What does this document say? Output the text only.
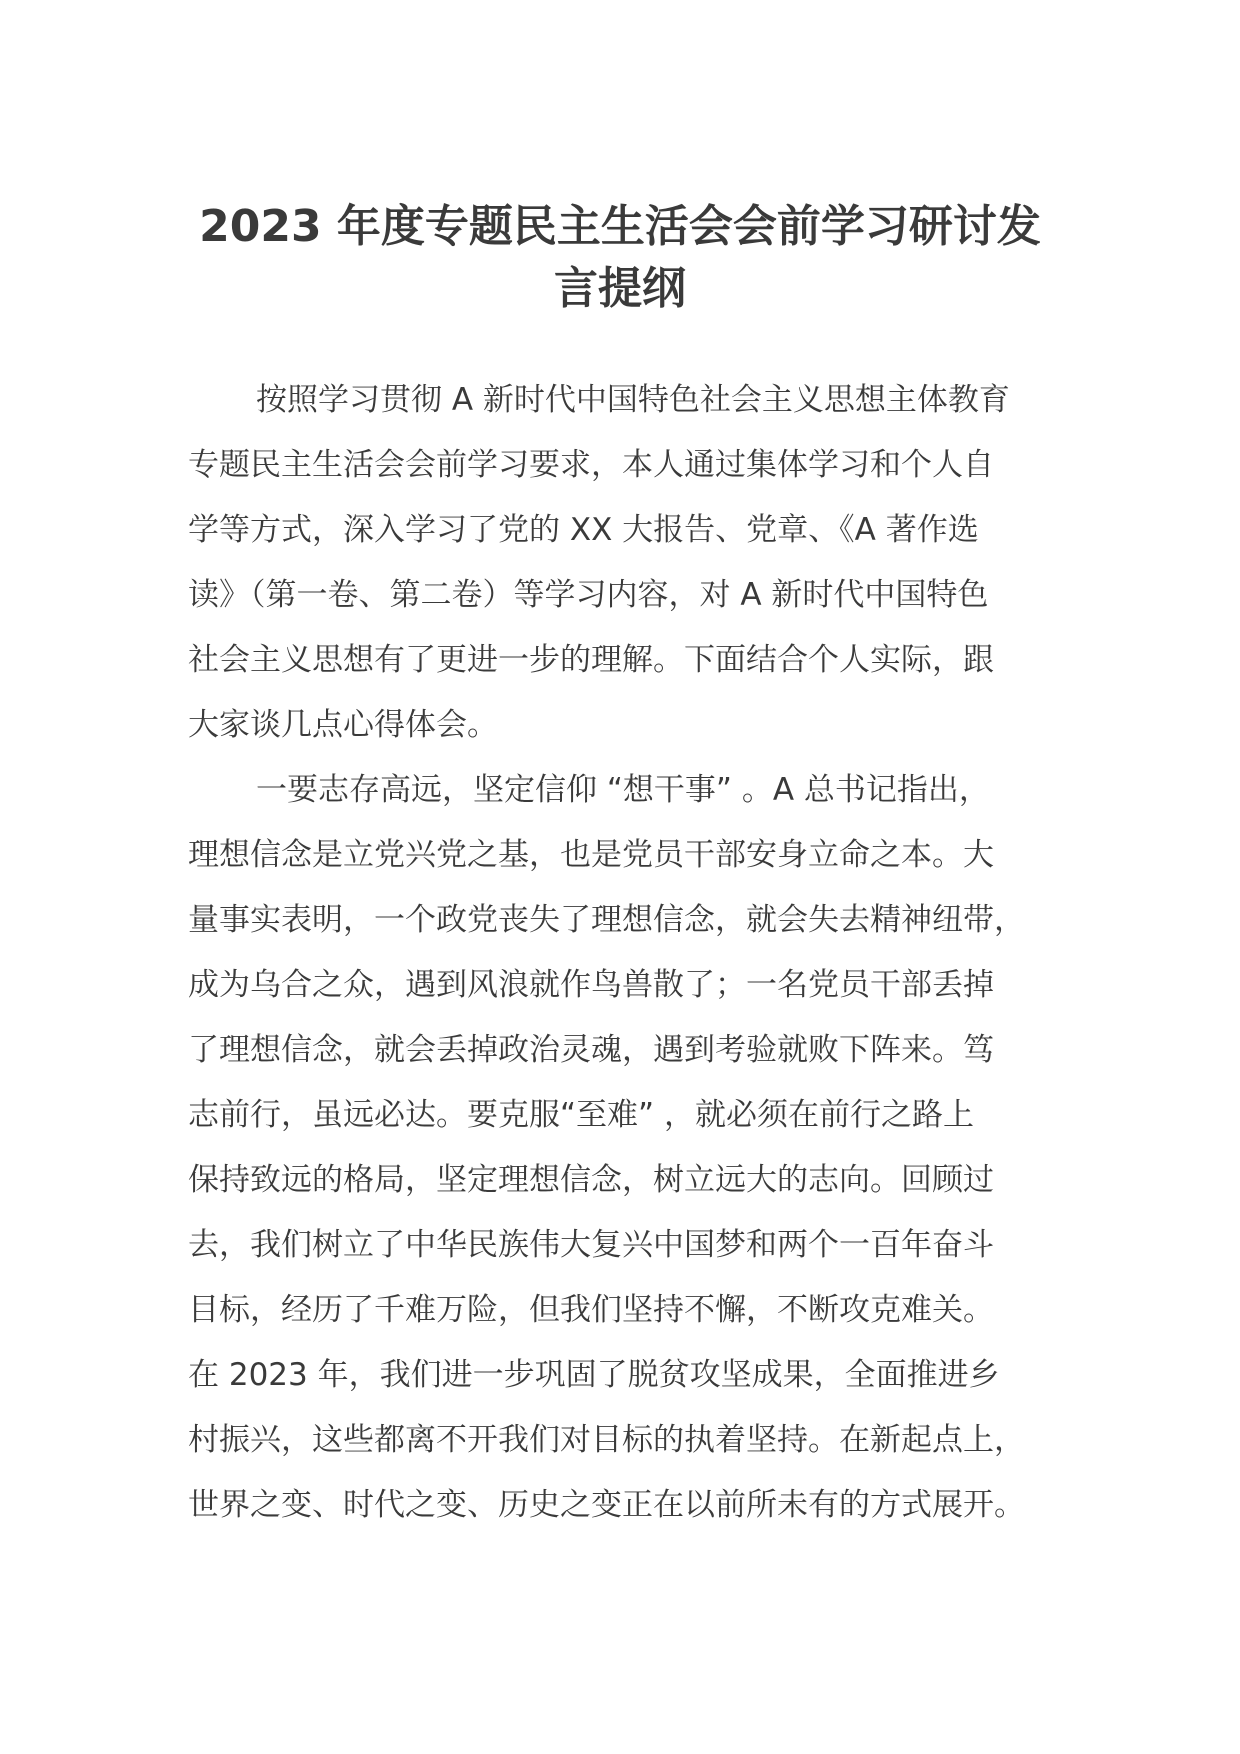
2023 年度专题民主生活会会前学习研讨发
言提纲
按照学习贯彻 A 新时代中国特色社会主义思想主体教育
专题民主生活会会前学习要求，本人通过集体学习和个人自
学等方式，深入学习了党的 XX 大报告、党章、《A 著作选
读》（第一卷、第二卷）等学习内容，对 A 新时代中国特色
社会主义思想有了更进一步的理解。下面结合个人实际，跟
大家谈几点心得体会。
一要志存高远，坚定信仰 “想干事” 。A 总书记指出，
理想信念是立党兴党之基，也是党员干部安身立命之本。大
量事实表明，一个政党丧失了理想信念，就会失去精神纽带，
成为乌合之众，遇到风浪就作鸟兽散了；一名党员干部丢掉
了理想信念，就会丢掉政治灵魂，遇到考验就败下阵来。笃
志前行，虽远必达。要克服“至难” ，就必须在前行之路上
保持致远的格局，坚定理想信念，树立远大的志向。回顾过
去，我们树立了中华民族伟大复兴中国梦和两个一百年奋斗
目标，经历了千难万险，但我们坚持不懈，不断攻克难关。
在 2023 年，我们进一步巩固了脱贫攻坚成果，全面推进乡
村振兴，这些都离不开我们对目标的执着坚持。在新起点上，
世界之变、时代之变、历史之变正在以前所未有的方式展开。
